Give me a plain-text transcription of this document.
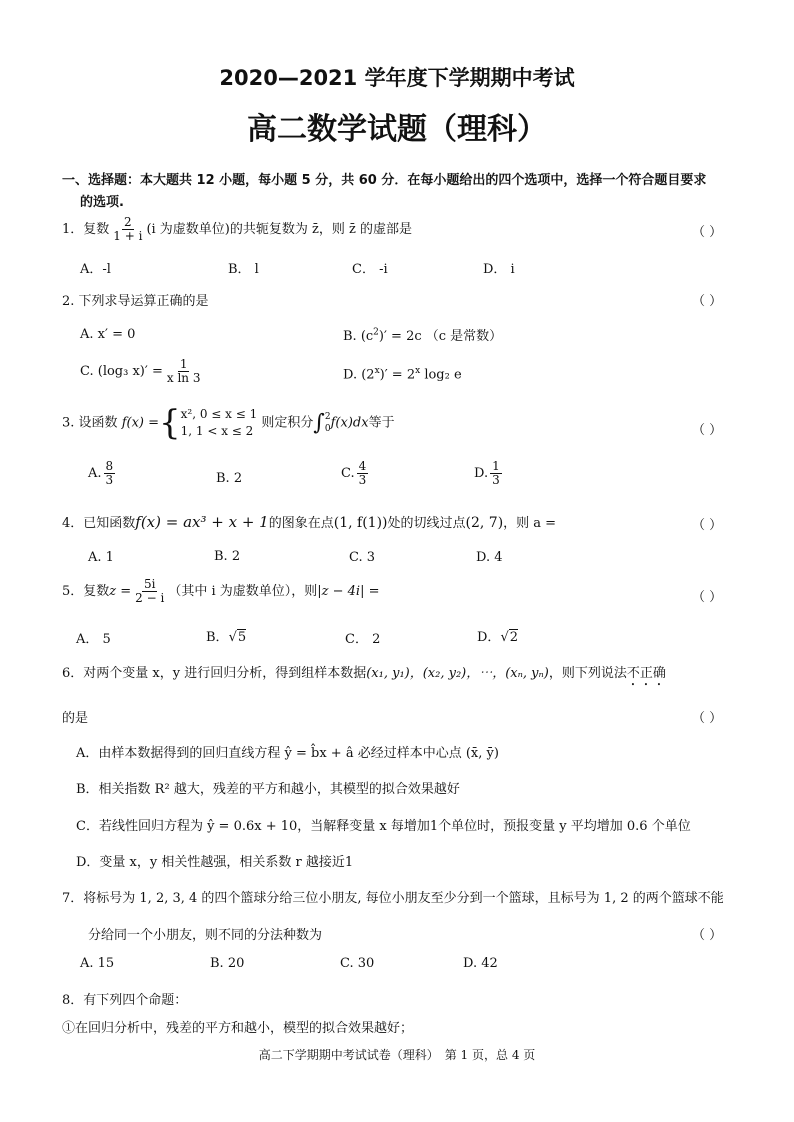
2020—2021 学年度下学期期中考试
高二数学试题（理科）
一、选择题：本大题共 12 小题，每小题 5 分，共 60 分．在每小题给出的四个选项中，选择一个符合题目要求
的选项.
1．复数 $\frac{2}{1 + i} (i$ 为虚数单位)的共轭复数为 z̄，则 z̄ 的虚部是	（ ）
A．-l	B． l	C． -i	D． i
2. 下列求导运算正确的是	（ ）
A. x′ = 0	B. $(c^2)' = 2c$ （c 是常数）
C. (log₃ $x)' = \frac{1}{\text{x ln 3}}$	D. $(2^x)' = 2^x$ log₂ e
3. 设函数 f(x) ={ x², 0 ≤ x ≤ 1
1, 1 < x ≤ 2
则定积分∫ 2
0 f(x)dx等于	（ ）
A. $\frac{8}{3}$	B. 2	C. $\frac{4}{3}$	D. $\frac{1}{3}$
4．已知函数f(x) = ax³ + x + 1的图象在点(1, f(1))处的切线过点(2, 7)，则 a =	（ ）
A. 1	B. 2	C. 3	D. 4
5．复数$z = \frac{5i}{2 - i}$ （其中 i 为虚数单位），则|z − 4i| =	（ ）
A． 5	B．√5	C． 2	D．√2
6．对两个变量 x，y 进行回归分析，得到组样本数据(x₁, y₁)，(x₂, y₂)，⋯，(xₙ, yₙ)，则下列说法不正确
的是	（ ）
A．由样本数据得到的回归直线方程 ŷ = b̂x + â 必经过样本中心点 (x̄, ȳ)
B．相关指数 R² 越大，残差的平方和越小，其模型的拟合效果越好
C．若线性回归方程为 ŷ = 0.6x + 10，当解释变量 x 每增加1个单位时，预报变量 y 平均增加 0.6 个单位
D．变量 x，y 相关性越强，相关系数 r 越接近1
7．将标号为 1, 2, 3, 4 的四个篮球分给三位小朋友, 每位小朋友至少分到一个篮球，且标号为 1, 2 的两个篮球不能
分给同一个小朋友，则不同的分法种数为	（ ）
A. 15	B. 20	C. 30	D. 42
8．有下列四个命题：
①在回归分析中，残差的平方和越小，模型的拟合效果越好；
高二下学期期中考试试卷（理科）　第 1 页，总 4 页
